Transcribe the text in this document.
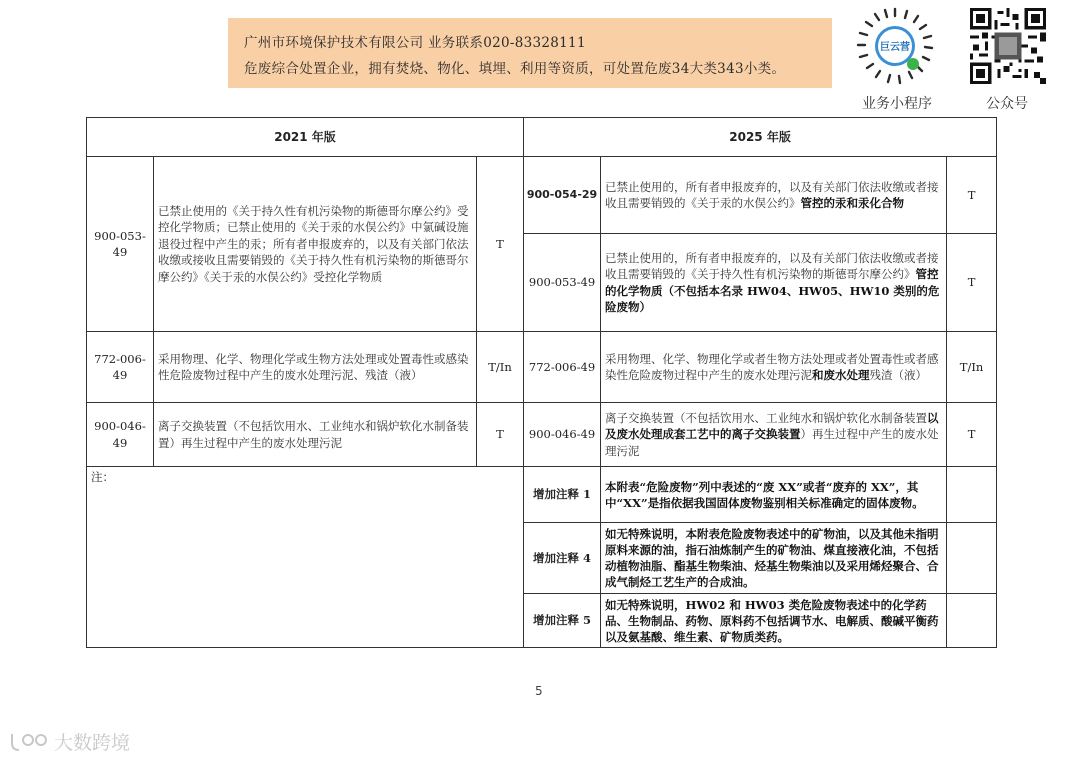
广州市环境保护技术有限公司 业务联系020-83328111
危废综合处置企业，拥有焚烧、物化、填埋、利用等资质，可处置危废34大类343小类。
巨云营
业务小程序	公众号
2021 年版			2025 年版		
900-053-49	已禁止使用的《关于持久性有机污染物的斯德哥尔摩公约》受控化学物质；已禁止使用的《关于汞的水俣公约》中氯碱设施退役过程中产生的汞；所有者申报废弃的，以及有关部门依法收缴或接收且需要销毁的《关于持久性有机污染物的斯德哥尔摩公约》《关于汞的水俣公约》受控化学物质	T	900-054-29	已禁止使用的，所有者申报废弃的，以及有关部门依法收缴或者接收且需要销毁的《关于汞的水俣公约》管控的汞和汞化合物	T
			900-053-49	已禁止使用的，所有者申报废弃的，以及有关部门依法收缴或者接收且需要销毁的《关于持久性有机污染物的斯德哥尔摩公约》管控的化学物质（不包括本名录 HW04、HW05、HW10 类别的危险废物）	T
772-006-49	采用物理、化学、物理化学或生物方法处理或处置毒性或感染性危险废物过程中产生的废水处理污泥、残渣（液）	T/In	772-006-49	采用物理、化学、物理化学或者生物方法处理或者处置毒性或者感染性危险废物过程中产生的废水处理污泥和废水处理残渣（液）	T/In
900-046-49	离子交换装置（不包括饮用水、工业纯水和锅炉软化水制备装置）再生过程中产生的废水处理污泥	T	900-046-49	离子交换装置（不包括饮用水、工业纯水和锅炉软化水制备装置以及废水处理成套工艺中的离子交换装置）再生过程中产生的废水处理污泥	T
注：			增加注释 1	本附表“危险废物”列中表述的“废 XX”或者“废弃的 XX”，其中“XX”是指依据我国固体废物鉴别相关标准确定的固体废物。	
			增加注释 4	如无特殊说明，本附表危险废物表述中的矿物油，以及其他未指明原料来源的油，指石油炼制产生的矿物油、煤直接液化油，不包括动植物油脂、酯基生物柴油、烃基生物柴油以及采用烯烃聚合、合成气制烃工艺生产的合成油。	
			增加注释 5	如无特殊说明，HW02 和 HW03 类危险废物表述中的化学药品、生物制品、药物、原料药不包括调节水、电解质、酸碱平衡药以及氨基酸、维生素、矿物质类药。	
5
大数跨境
